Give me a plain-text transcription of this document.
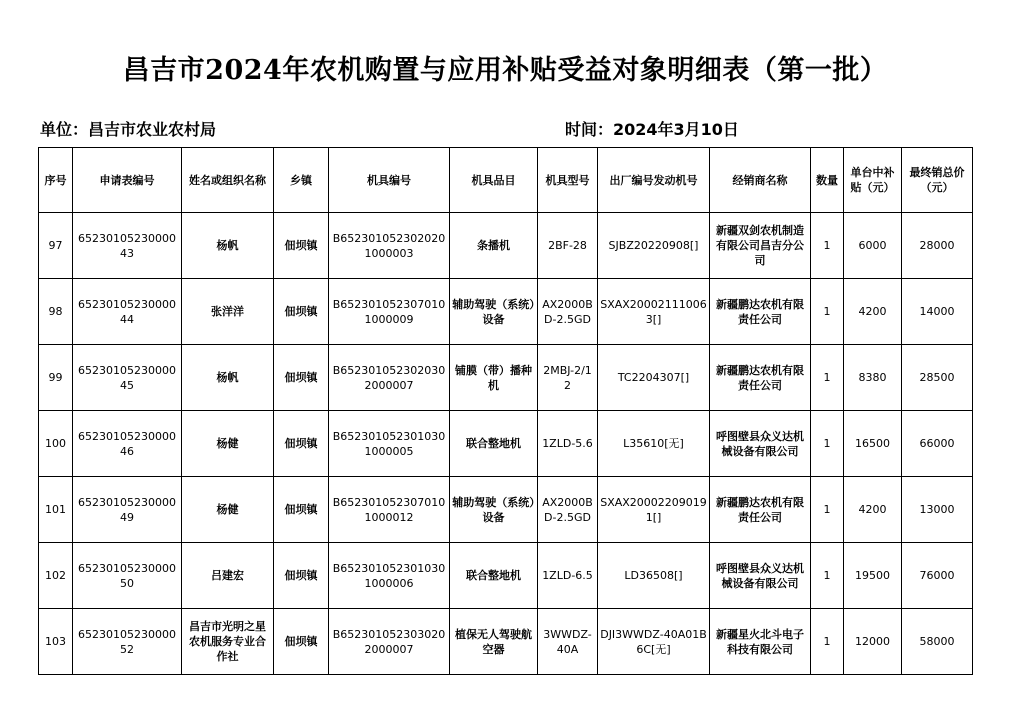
昌吉市2024年农机购置与应用补贴受益对象明细表（第一批）
单位：昌吉市农业农村局	时间：2024年3月10日
序号	申请表编号	姓名或组织名称	乡镇	机具编号	机具品目	机具型号	出厂编号发动机号	经销商名称	数量	单台中补贴（元）	最终销总价（元）
97	6523010523000043	杨帆	佃坝镇	B6523010523020201000003	条播机	2BF-28	SJBZ20220908[]	新疆双剑农机制造有限公司昌吉分公司	1	6000	28000
98	6523010523000044	张洋洋	佃坝镇	B6523010523070101000009	辅助驾驶（系统）设备	AX2000BD-2.5GD	SXAX200021110063[]	新疆鹏达农机有限责任公司	1	4200	14000
99	6523010523000045	杨帆	佃坝镇	B6523010523020302000007	铺膜（带）播种机	2MBJ-2/12	TC2204307[]	新疆鹏达农机有限责任公司	1	8380	28500
100	6523010523000046	杨健	佃坝镇	B6523010523010301000005	联合整地机	1ZLD-5.6	L35610[无]	呼图壁县众义达机械设备有限公司	1	16500	66000
101	6523010523000049	杨健	佃坝镇	B6523010523070101000012	辅助驾驶（系统）设备	AX2000BD-2.5GD	SXAX200022090191[]	新疆鹏达农机有限责任公司	1	4200	13000
102	6523010523000050	吕建宏	佃坝镇	B6523010523010301000006	联合整地机	1ZLD-6.5	LD36508[]	呼图壁县众义达机械设备有限公司	1	19500	76000
103	6523010523000052	昌吉市光明之星农机服务专业合作社	佃坝镇	B6523010523030202000007	植保无人驾驶航空器	3WWDZ-40A	DJI3WWDZ-40A01B6C[无]	新疆星火北斗电子科技有限公司	1	12000	58000
